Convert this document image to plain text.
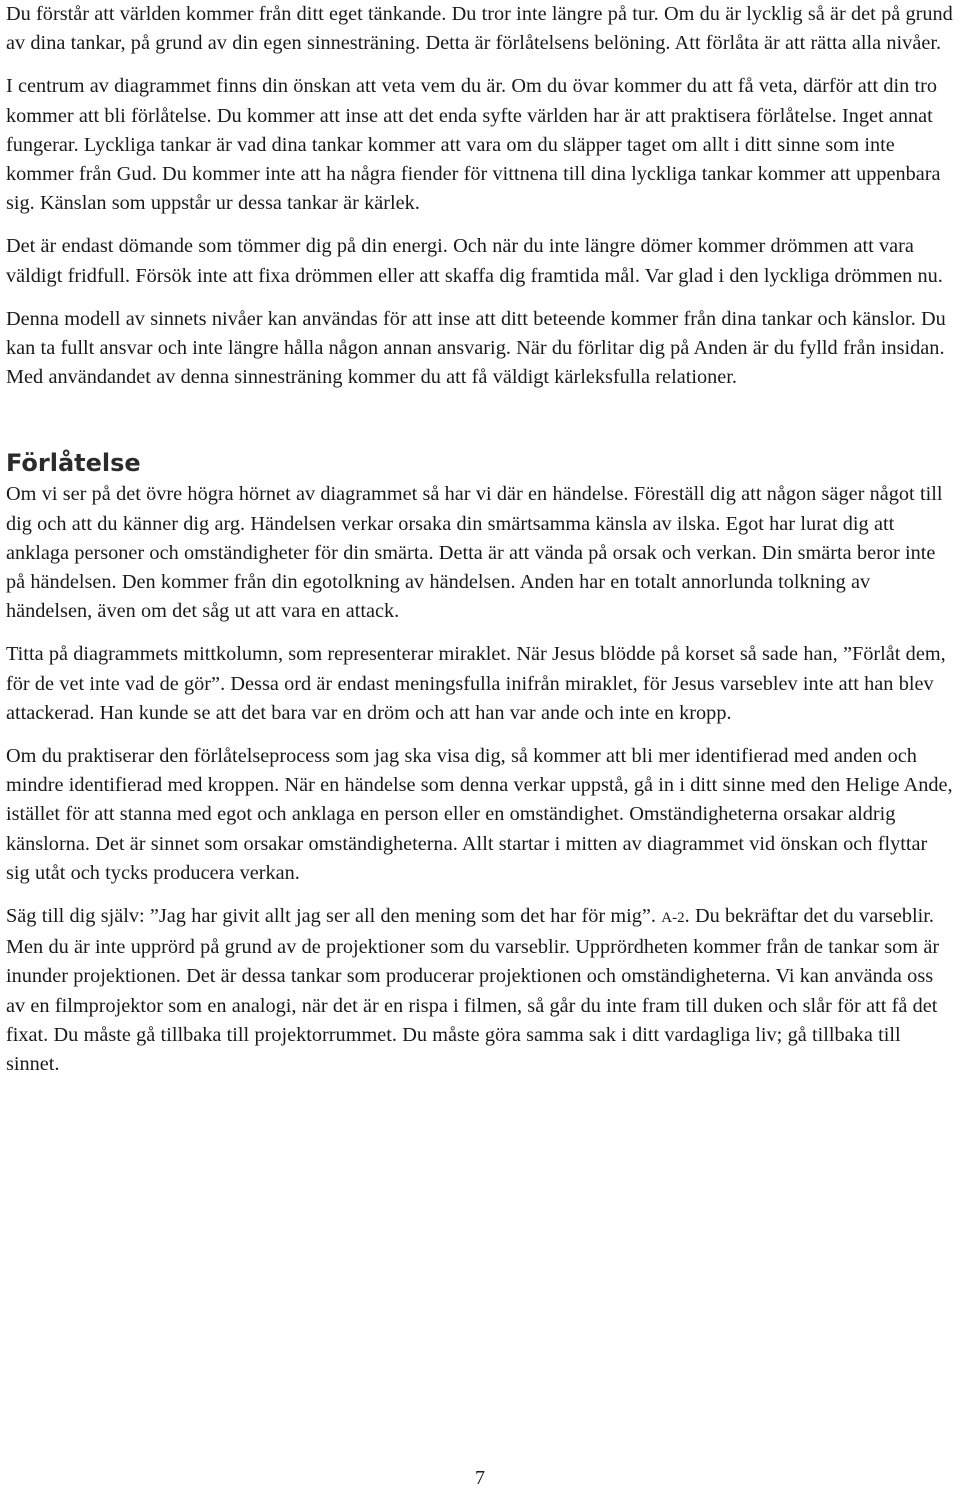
Du förstår att världen kommer från ditt eget tänkande. Du tror inte längre på tur. Om du är lycklig så är det på grund av dina tankar, på grund av din egen sinnesträning. Detta är förlåtelsens belöning. Att förlåta är att rätta alla nivåer.

I centrum av diagrammet finns din önskan att veta vem du är. Om du övar kommer du att få veta, därför att din tro kommer att bli förlåtelse. Du kommer att inse att det enda syfte världen har är att praktisera förlåtelse. Inget annat fungerar. Lyckliga tankar är vad dina tankar kommer att vara om du släpper taget om allt i ditt sinne som inte kommer från Gud. Du kommer inte att ha några fiender för vittnena till dina lyckliga tankar kommer att uppenbara sig. Känslan som uppstår ur dessa tankar är kärlek.

Det är endast dömande som tömmer dig på din energi. Och när du inte längre dömer kommer drömmen att vara väldigt fridfull. Försök inte att fixa drömmen eller att skaffa dig framtida mål. Var glad i den lyckliga drömmen nu.

Denna modell av sinnets nivåer kan användas för att inse att ditt beteende kommer från dina tankar och känslor. Du kan ta fullt ansvar och inte längre hålla någon annan ansvarig. När du förlitar dig på Anden är du fylld från insidan. Med användandet av denna sinnesträning kommer du att få väldigt kärleksfulla relationer.

Förlåtelse

Om vi ser på det övre högra hörnet av diagrammet så har vi där en händelse. Föreställ dig att någon säger något till dig och att du känner dig arg. Händelsen verkar orsaka din smärtsamma känsla av ilska. Egot har lurat dig att anklaga personer och omständigheter för din smärta. Detta är att vända på orsak och verkan. Din smärta beror inte på händelsen. Den kommer från din egotolkning av händelsen. Anden har en totalt annorlunda tolkning av händelsen, även om det såg ut att vara en attack.

Titta på diagrammets mittkolumn, som representerar miraklet. När Jesus blödde på korset så sade han, ”Förlåt dem, för de vet inte vad de gör”. Dessa ord är endast meningsfulla inifrån miraklet, för Jesus varseblev inte att han blev attackerad. Han kunde se att det bara var en dröm och att han var ande och inte en kropp.

Om du praktiserar den förlåtelseprocess som jag ska visa dig, så kommer att bli mer identifierad med anden och mindre identifierad med kroppen. När en händelse som denna verkar uppstå, gå in i ditt sinne med den Helige Ande, istället för att stanna med egot och anklaga en person eller en omständighet. Omständigheterna orsakar aldrig känslorna. Det är sinnet som orsakar omständigheterna. Allt startar i mitten av diagrammet vid önskan och flyttar sig utåt och tycks producera verkan.

Säg till dig själv: ”Jag har givit allt jag ser all den mening som det har för mig”. A-2. Du bekräftar det du varseblir. Men du är inte upprörd på grund av de projektioner som du varseblir. Upprördheten kommer från de tankar som är inunder projektionen. Det är dessa tankar som producerar projektionen och omständigheterna. Vi kan använda oss av en filmprojektor som en analogi, när det är en rispa i filmen, så går du inte fram till duken och slår för att få det fixat. Du måste gå tillbaka till projektorrummet. Du måste göra samma sak i ditt vardagliga liv; gå tillbaka till sinnet.

7
